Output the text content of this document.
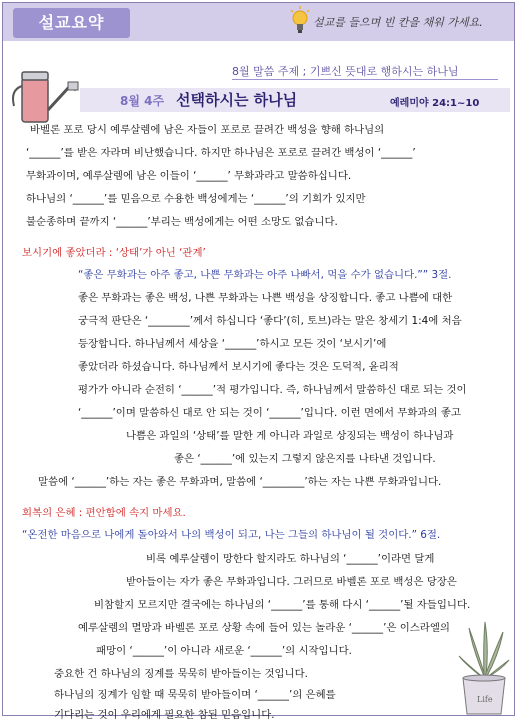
설교요약	설교를 들으며 빈 칸을 채워 가세요.
8월 말씀 주제 ; 기쁘신 뜻대로 행하시는 하나님
8월 4주 선택하시는 하나님	예레미야 24:1~10
바벨론 포로 당시 예루살렘에 남은 자들이 포로로 끌려간 백성을 향해 하나님의
‘______’를 받은 자라며 비난했습니다. 하지만 하나님은 포로로 끌려간 백성이 ‘______’
무화과이며, 예루살렘에 남은 이들이 ‘______’ 무화과라고 말씀하십니다.
하나님의 ‘______’를 믿음으로 수용한 백성에게는 ‘______’의 기회가 있지만
불순종하며 끝까지 ‘______’부리는 백성에게는 어떤 소망도 없습니다.
보시기에 좋았더라 : ‘상태’가 아닌 ‘관계’
“좋은 무화과는 아주 좋고, 나쁜 무화과는 아주 나빠서, 먹을 수가 없습니다.”” 3절.
좋은 무화과는 좋은 백성, 나쁜 무화과는 나쁜 백성을 상징합니다. 좋고 나쁨에 대한
궁극적 판단은 ‘________’께서 하십니다 ‘좋다’(히, 토브)라는 말은 창세기 1:4에 처음
등장합니다. 하나님께서 세상을 ‘______’하시고 모든 것이 ‘보시기’에
좋았더라 하셨습니다. 하나님께서 보시기에 좋다는 것은 도덕적, 윤리적
평가가 아니라 순전히 ‘______’적 평가입니다. 즉, 하나님께서 말씀하신 대로 되는 것이
‘______’이며 말씀하신 대로 안 되는 것이 ‘______’입니다. 이런 면에서 무화과의 좋고
나쁨은 과일의 ‘상태’를 말한 게 아니라 과일로 상징되는 백성이 하나님과
좋은 ‘______’에 있는지 그렇지 않은지를 나타낸 것입니다.
말씀에 ‘______’하는 자는 좋은 무화과며, 말씀에 ‘________’하는 자는 나쁜 무화과입니다.
회복의 은혜 : 편안함에 속지 마세요.
“온전한 마음으로 나에게 돌아와서 나의 백성이 되고, 나는 그들의 하나님이 될 것이다.” 6절.
비록 예루살렘이 망한다 할지라도 하나님의 ‘______’이라면 달게
받아들이는 자가 좋은 무화과입니다. 그러므로 바벨론 포로 백성은 당장은
비참할지 모르지만 결국에는 하나님의 ‘______’를 통해 다시 ‘______’될 자들입니다.
예루살렘의 멸망과 바벨론 포로 상황 속에 들어 있는 놀라운 ‘______’은 이스라엘의
패망이 ‘______’이 아니라 새로운 ‘______’의 시작입니다.
중요한 건 하나님의 징계를 묵묵히 받아들이는 것입니다.
하나님의 징계가 임할 때 묵묵히 받아들이며 ‘______’의 은혜를
기다리는 것이 우리에게 필요한 참된 믿음입니다.
Life
